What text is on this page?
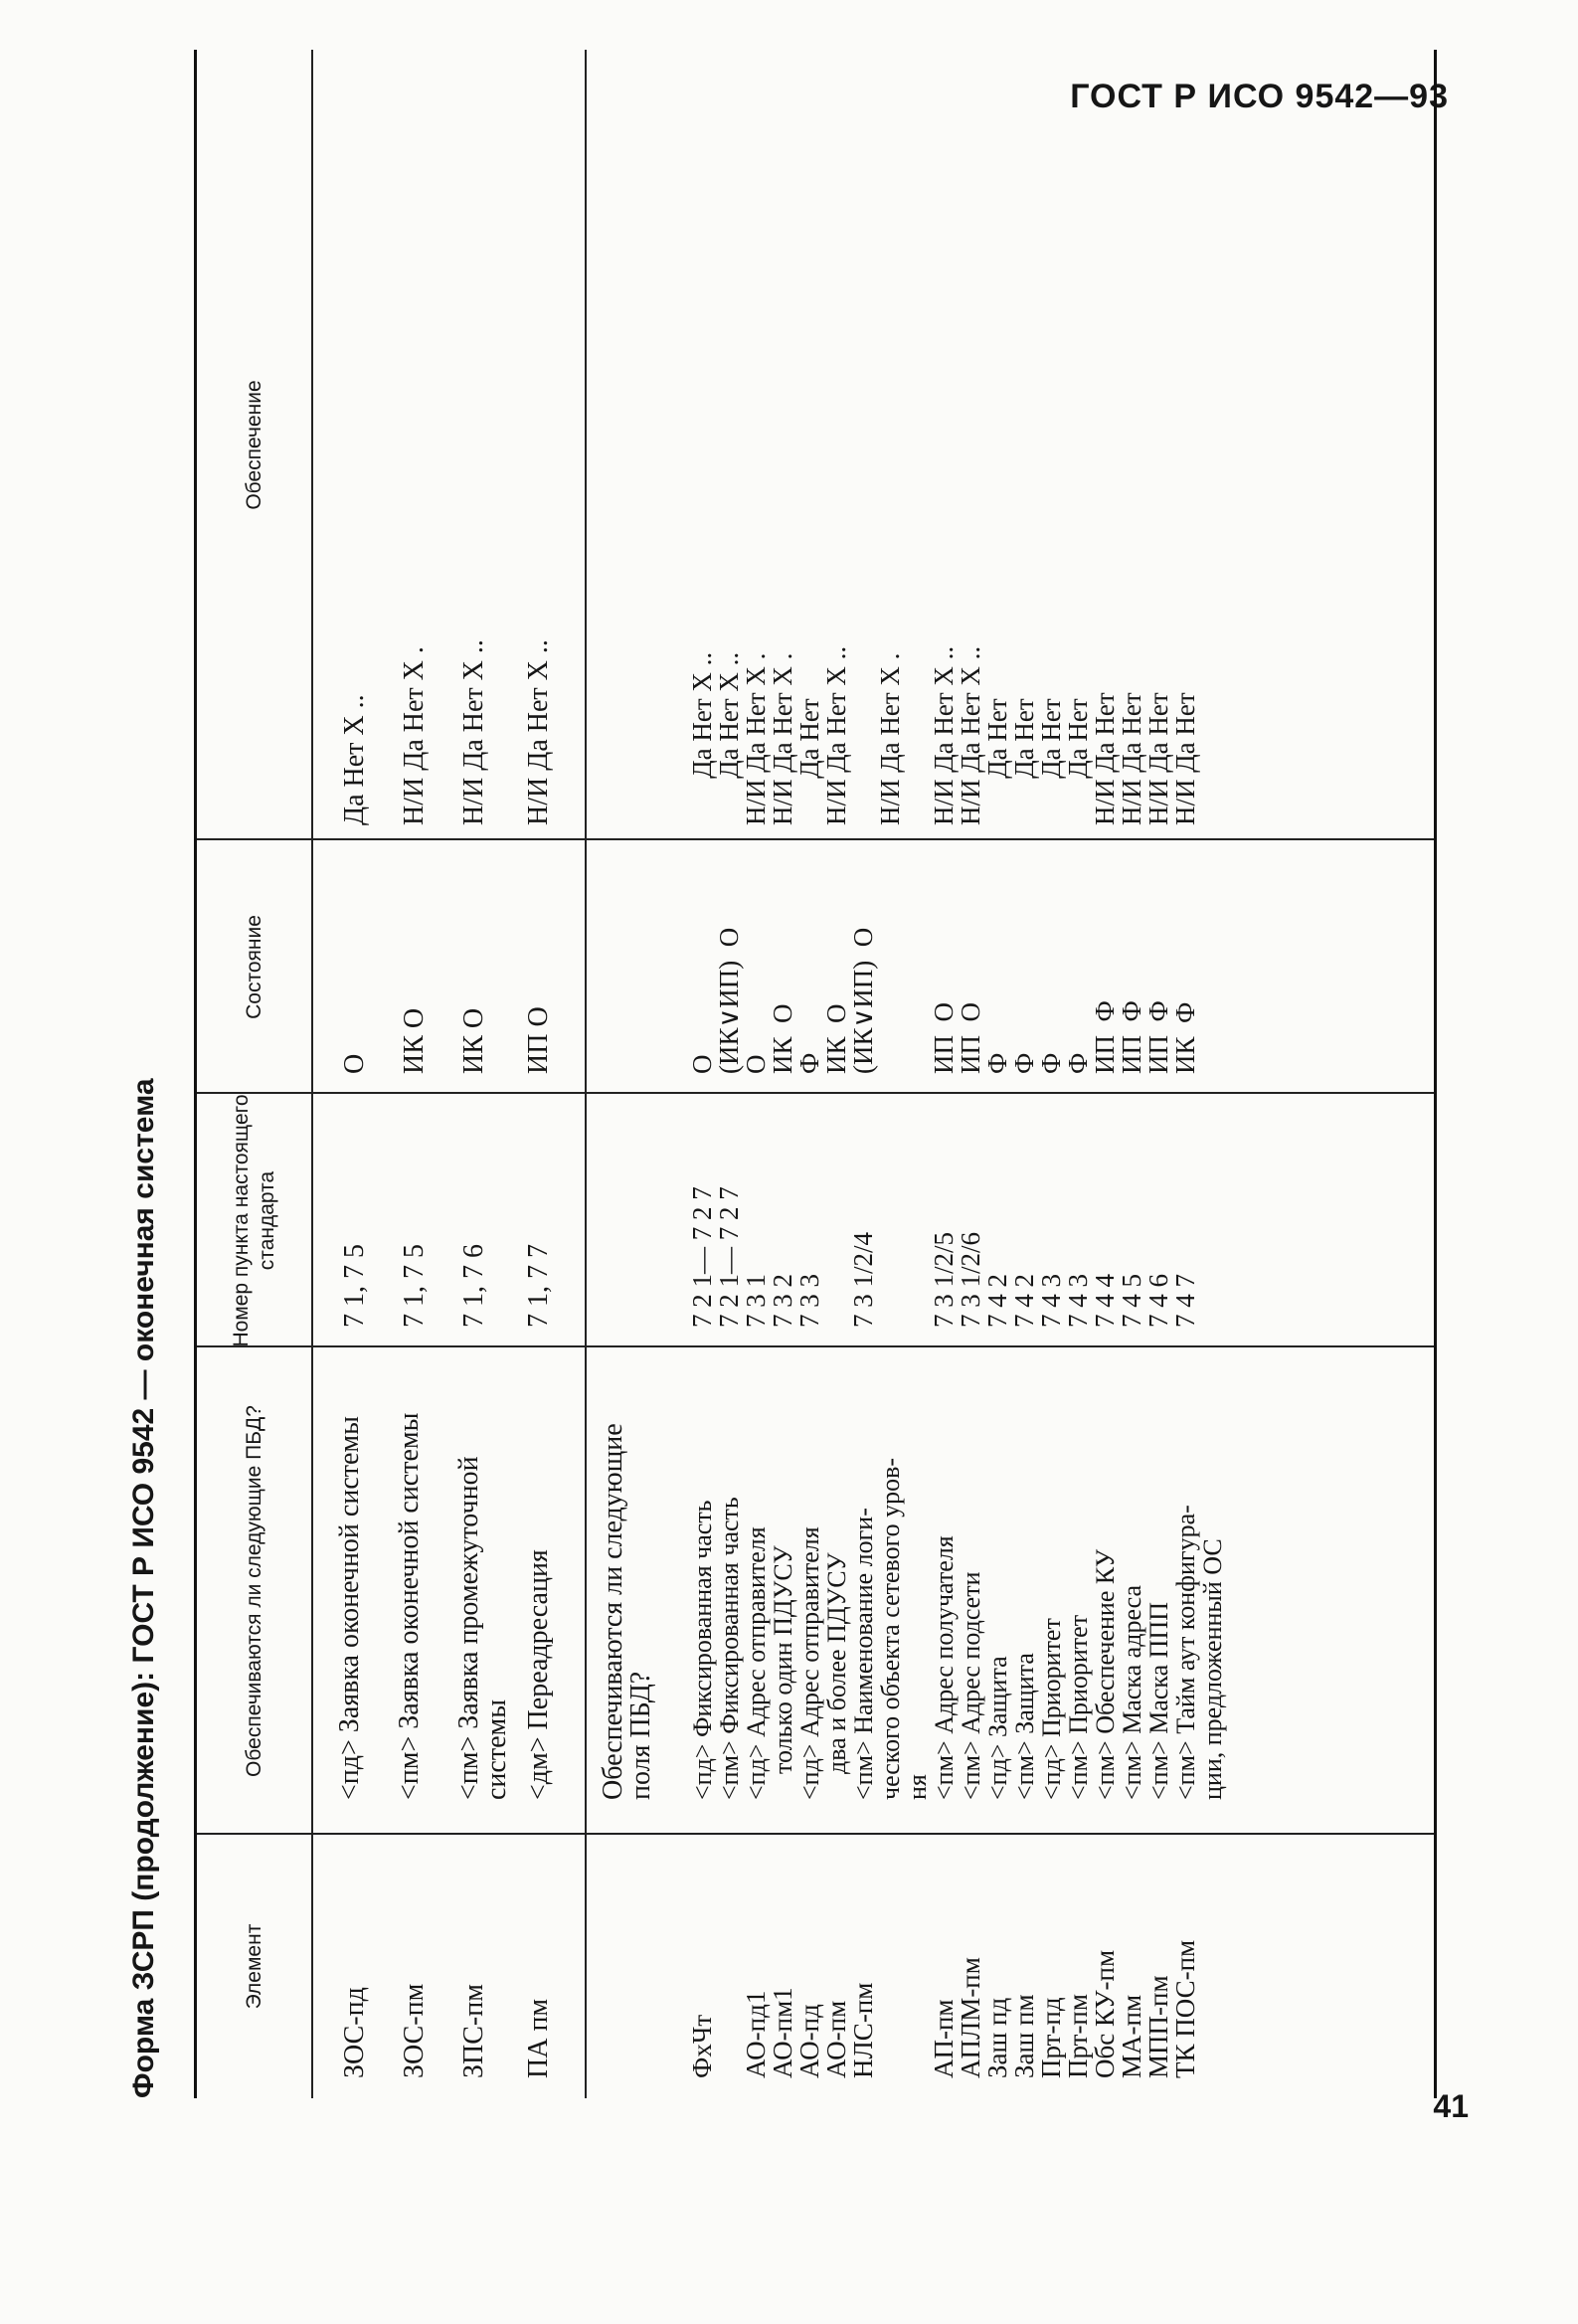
ГОСТ Р ИСО 9542—93
Форма ЗСРП (продолжение): ГОСТ Р ИСО 9542 — оконечная система	Элемент
Обеспечиваются ли следующие ПБД?
Номер пункта настоящего стандарта
Состояние
Обеспечение
ЗОС-пд
<пд> Заявка оконечной системы
7 1, 7 5
О
Да Нет Х ..
ЗОС-пм
<пм> Заявка оконечной системы
7 1, 7 5
ИК О
Н/И Да Нет Х .
ЗПС-пм
<пм> Заявка промежуточной системы
7 1, 7 6
ИК О
Н/И Да Нет Х ..
ПА пм
<дм> Переадресация
7 1, 7 7
ИП О
Н/И Да Нет Х ..
Обеспечиваются ли следующие поля ПБД?
ФхЧт

АО-пд1
АО-пм1
АО-пд
АО-пм
НЛС-пм

АП-пм
АПЛМ-пм
Заш пд
Заш пм
Прт-пд
Прт-пм
Обс КУ-пм
МА-пм
МПП-пм
ТК ПОС-пм
<пд> Фиксированная часть
<пм> Фиксированная часть
<пд> Адрес отправителя
только один ПДУСУ
<пд> Адрес отправителя
два и более ПДУСУ
<пм> Наименование логи-
ческого объекта сетевого уров-
ня
<пм> Адрес получателя
<пм> Адрес подсети
<пд> Защита
<пм> Защита
<пд> Приоритет
<пм> Приоритет
<пм> Обеспечение КУ
<пм> Маска адреса
<пм> Маска ППП
<пм> Тайм аут конфигура-
ции, предложенный ОС
7 2 1— 7 2 7
7 2 1— 7 2 7
7 3 1
7 3 2
7 3 3

7 3 1/2/4

7 3 1/2/5
7 3 1/2/6
7 4 2
7 4 2
7 4 3
7 4 3
7 4 4
7 4 5
7 4 6
7 4 7
О
(ИК∨ИП)  О
О
ИК  О
Ф
ИК  О
(ИК∨ИП)  О

ИП  О
ИП  О
Ф
Ф
Ф
Ф
ИП  Ф
ИП  Ф
ИП  Ф
ИК  Ф
Да Нет Х ..
Да Нет Х ..
Н/И Да Нет Х .
Н/И Да Нет Х .
Да Нет
Н/И Да Нет Х ..

Н/И Да Нет Х .

Н/И Да Нет Х ..
Н/И Да Нет Х ..
Да Нет
Да Нет
Да Нет
Да Нет
Н/И Да Нет
Н/И Да Нет
Н/И Да Нет
Н/И Да Нет
41
